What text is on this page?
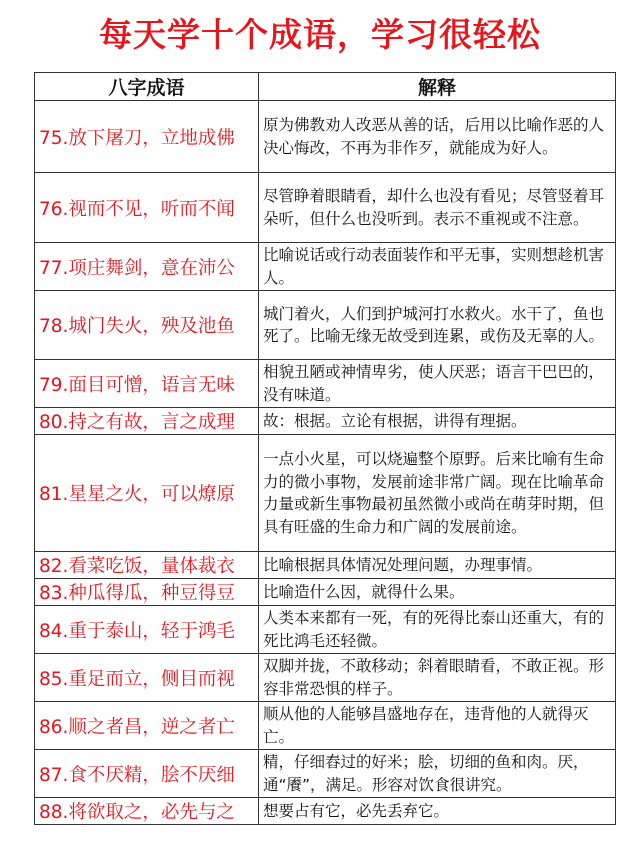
每天学十个成语，学习很轻松
八字成语	解释
75.放下屠刀，立地成佛	原为佛教劝人改恶从善的话，后用以比喻作恶的人决心悔改，不再为非作歹，就能成为好人。
76.视而不见，听而不闻	尽管睁着眼睛看，却什么也没有看见；尽管竖着耳朵听，但什么也没听到。表示不重视或不注意。
77.项庄舞剑，意在沛公	比喻说话或行动表面装作和平无事，实则想趁机害人。
78.城门失火，殃及池鱼	城门着火，人们到护城河打水救火。水干了，鱼也死了。比喻无缘无故受到连累，或伤及无辜的人。
79.面目可憎，语言无味	相貌丑陋或神情卑劣，使人厌恶；语言干巴巴的，没有味道。
80.持之有故，言之成理	故：根据。立论有根据，讲得有理据。
81.星星之火，可以燎原	一点小火星，可以烧遍整个原野。后来比喻有生命力的微小事物，发展前途非常广阔。现在比喻革命力量或新生事物最初虽然微小或尚在萌芽时期，但具有旺盛的生命力和广阔的发展前途。
82.看菜吃饭，量体裁衣	比喻根据具体情况处理问题，办理事情。
83.种瓜得瓜，种豆得豆	比喻造什么因，就得什么果。
84.重于泰山，轻于鸿毛	人类本来都有一死，有的死得比泰山还重大，有的死比鸿毛还轻微。
85.重足而立，侧目而视	双脚并拢，不敢移动；斜着眼睛看，不敢正视。形容非常恐惧的样子。
86.顺之者昌，逆之者亡	顺从他的人能够昌盛地存在，违背他的人就得灭亡。
87.食不厌精，脍不厌细	精，仔细舂过的好米；脍，切细的鱼和肉。厌，通“餍”，满足。形容对饮食很讲究。
88.将欲取之，必先与之	想要占有它，必先丢弃它。
